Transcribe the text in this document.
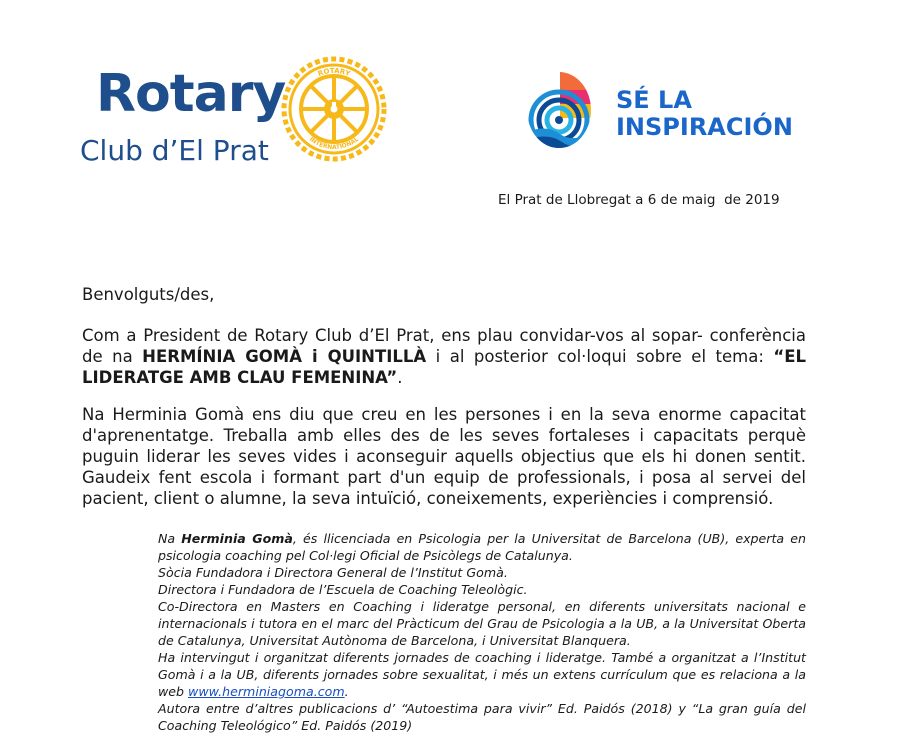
Rotary
Club d’El Prat
ROTARY
INTERNATIONAL
SÉ LA
INSPIRACIÓN
El Prat de Llobregat a 6 de maig  de 2019
Benvolguts/des,
Com a President de Rotary Club d’El Prat, ens plau convidar-vos al sopar- conferència de na HERMÍNIA GOMÀ i QUINTILLÀ i al posterior col·loqui sobre el tema: “EL LIDERATGE AMB CLAU FEMENINA”.
Na Herminia Gomà ens diu que creu en les persones i en la seva enorme capacitat d'aprenentatge. Treballa amb elles des de les seves fortaleses i capacitats perquè puguin liderar les seves vides i aconseguir aquells objectius que els hi donen sentit. Gaudeix fent escola i formant part d'un equip de professionals, i posa al servei del pacient, client o alumne, la seva intuïció, coneixements, experiències i comprensió.

Na Herminia Gomà, és llicenciada en Psicologia per la Universitat de Barcelona (UB), experta en psicologia coaching pel Col·legi Oficial de Psicòlegs de Catalunya.

Sòcia Fundadora i Directora General de l’Institut Gomà.

Directora i Fundadora de l’Escuela de Coaching Teleològic.

Co-Directora en Masters en Coaching i lideratge personal, en diferents universitats nacional e internacionals i tutora en el marc del Pràcticum del Grau de Psicologia a la UB, a la Universitat Oberta de Catalunya, Universitat Autònoma de Barcelona, i Universitat Blanquera.

Ha intervingut i organitzat diferents jornades de coaching i lideratge. També a organitzat a l’Institut Gomà i a la UB, diferents jornades sobre sexualitat, i més un extens currículum que es relaciona a la web www.herminiagoma.com.

Autora entre d’altres publicacions d’ “Autoestima para vivir” Ed. Paidós (2018) y “La gran guía del Coaching Teleológico” Ed. Paidós (2019)
